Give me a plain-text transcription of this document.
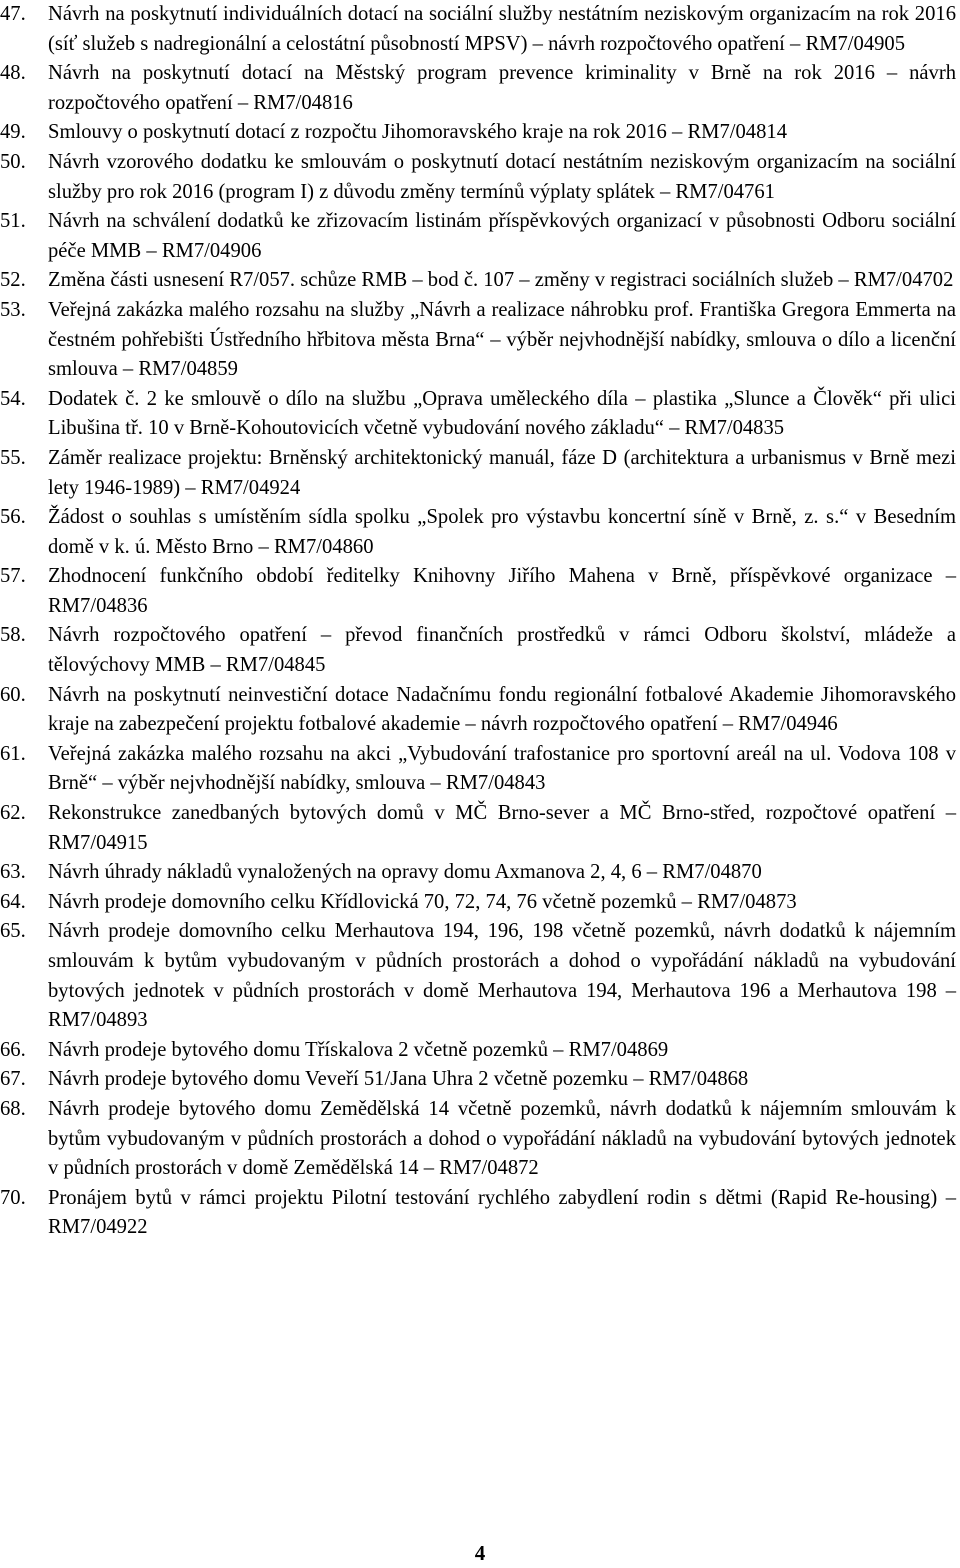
47.	Návrh na poskytnutí individuálních dotací na sociální služby nestátním neziskovým organizacím na rok 2016 (síť služeb s nadregionální a celostátní působností MPSV) – návrh rozpočtového opatření – RM7/04905
48.	Návrh na poskytnutí dotací na Městský program prevence kriminality v Brně na rok 2016 – návrh rozpočtového opatření – RM7/04816
49.	Smlouvy o poskytnutí dotací z rozpočtu Jihomoravského kraje na rok 2016 – RM7/04814
50.	Návrh vzorového dodatku ke smlouvám o poskytnutí dotací nestátním neziskovým organizacím na sociální služby pro rok 2016 (program I) z důvodu změny termínů výplaty splátek – RM7/04761
51.	Návrh na schválení dodatků ke zřizovacím listinám příspěvkových organizací v působnosti Odboru sociální péče MMB – RM7/04906
52.	Změna části usnesení R7/057. schůze RMB – bod č. 107 – změny v registraci sociálních služeb – RM7/04702
53.	Veřejná zakázka malého rozsahu na služby „Návrh a realizace náhrobku prof. Františka Gregora Emmerta na čestném pohřebišti Ústředního hřbitova města Brna“ – výběr nejvhodnější nabídky, smlouva o dílo a licenční smlouva – RM7/04859
54.	Dodatek č. 2 ke smlouvě o dílo na službu „Oprava uměleckého díla – plastika „Slunce a Člověk“ při ulici Libušina tř. 10 v Brně-Kohoutovicích včetně vybudování nového základu“ – RM7/04835
55.	Záměr realizace projektu: Brněnský architektonický manuál, fáze D (architektura a urbanismus v Brně mezi lety 1946-1989) – RM7/04924
56.	Žádost o souhlas s umístěním sídla spolku „Spolek pro výstavbu koncertní síně v Brně, z. s.“ v Besedním domě v k. ú. Město Brno – RM7/04860
57.	Zhodnocení funkčního období ředitelky Knihovny Jiřího Mahena v Brně, příspěvkové organizace – RM7/04836
58.	Návrh rozpočtového opatření – převod finančních prostředků v rámci Odboru školství, mládeže a tělovýchovy MMB – RM7/04845
60.	Návrh na poskytnutí neinvestiční dotace Nadačnímu fondu regionální fotbalové Akademie Jihomoravského kraje na zabezpečení projektu fotbalové akademie – návrh rozpočtového opatření – RM7/04946
61.	Veřejná zakázka malého rozsahu na akci „Vybudování trafostanice pro sportovní areál na ul. Vodova 108 v Brně“ – výběr nejvhodnější nabídky, smlouva – RM7/04843
62.	Rekonstrukce zanedbaných bytových domů v MČ Brno-sever a MČ Brno-střed, rozpočtové opatření – RM7/04915
63.	Návrh úhrady nákladů vynaložených na opravy domu Axmanova 2, 4, 6 – RM7/04870
64.	Návrh prodeje domovního celku Křídlovická 70, 72, 74, 76 včetně pozemků – RM7/04873
65.	Návrh prodeje domovního celku Merhautova 194, 196, 198 včetně pozemků, návrh dodatků k nájemním smlouvám k bytům vybudovaným v půdních prostorách a dohod o vypořádání nákladů na vybudování bytových jednotek v půdních prostorách v domě Merhautova 194, Merhautova 196 a Merhautova 198 – RM7/04893
66.	Návrh prodeje bytového domu Třískalova 2 včetně pozemků – RM7/04869
67.	Návrh prodeje bytového domu Veveří 51/Jana Uhra 2 včetně pozemku – RM7/04868
68.	Návrh prodeje bytového domu Zemědělská 14 včetně pozemků, návrh dodatků k nájemním smlouvám k bytům vybudovaným v půdních prostorách a dohod o vypořádání nákladů na vybudování bytových jednotek v půdních prostorách v domě Zemědělská 14 – RM7/04872
70.	Pronájem bytů v rámci projektu Pilotní testování rychlého zabydlení rodin s dětmi (Rapid Re-housing) – RM7/04922
4
